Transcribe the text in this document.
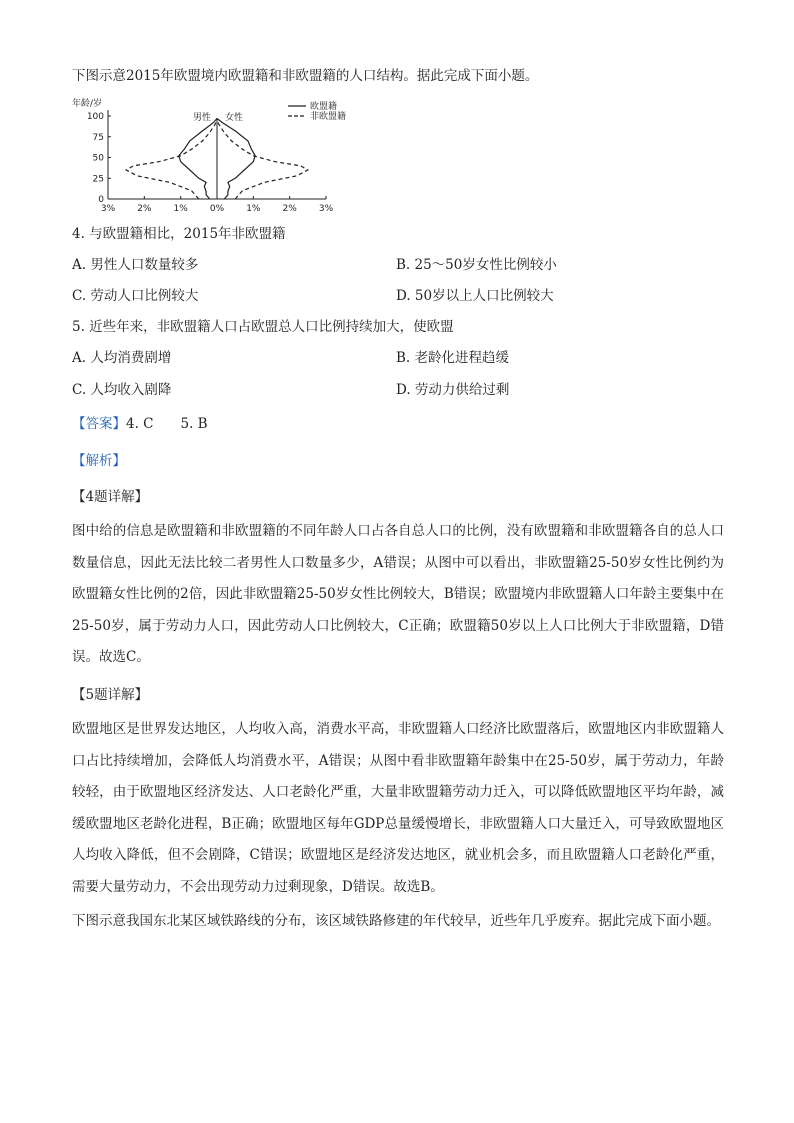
下图示意2015年欧盟境内欧盟籍和非欧盟籍的人口结构。据此完成下面小题。
年龄/岁
男性 女性
100
75
50
25
0
3% 2% 1% 0% 1% 2% 3%
欧盟籍
非欧盟籍
4. 与欧盟籍相比，2015年非欧盟籍
A. 男性人口数量较多	B. 25～50岁女性比例较小
C. 劳动人口比例较大	D. 50岁以上人口比例较大
5. 近些年来，非欧盟籍人口占欧盟总人口比例持续加大，使欧盟
A. 人均消费剧增	B. 老龄化进程趋缓
C. 人均收入剧降	D. 劳动力供给过剩
【答案】4. C　　5. B
【解析】
【4题详解】
图中给的信息是欧盟籍和非欧盟籍的不同年龄人口占各自总人口的比例，没有欧盟籍和非欧盟籍各自的总人口数量信息，因此无法比较二者男性人口数量多少，A错误；从图中可以看出，非欧盟籍25-50岁女性比例约为欧盟籍女性比例的2倍，因此非欧盟籍25-50岁女性比例较大，B错误；欧盟境内非欧盟籍人口年龄主要集中在25-50岁，属于劳动力人口，因此劳动人口比例较大，C正确；欧盟籍50岁以上人口比例大于非欧盟籍，D错误。故选C。
【5题详解】
欧盟地区是世界发达地区，人均收入高，消费水平高，非欧盟籍人口经济比欧盟落后，欧盟地区内非欧盟籍人口占比持续增加，会降低人均消费水平，A错误；从图中看非欧盟籍年龄集中在25-50岁，属于劳动力，年龄较轻，由于欧盟地区经济发达、人口老龄化严重，大量非欧盟籍劳动力迁入，可以降低欧盟地区平均年龄，减缓欧盟地区老龄化进程，B正确；欧盟地区每年GDP总量缓慢增长，非欧盟籍人口大量迁入，可导致欧盟地区人均收入降低，但不会剧降，C错误；欧盟地区是经济发达地区，就业机会多，而且欧盟籍人口老龄化严重，需要大量劳动力，不会出现劳动力过剩现象，D错误。故选B。
下图示意我国东北某区域铁路线的分布，该区域铁路修建的年代较早，近些年几乎废弃。据此完成下面小题。
